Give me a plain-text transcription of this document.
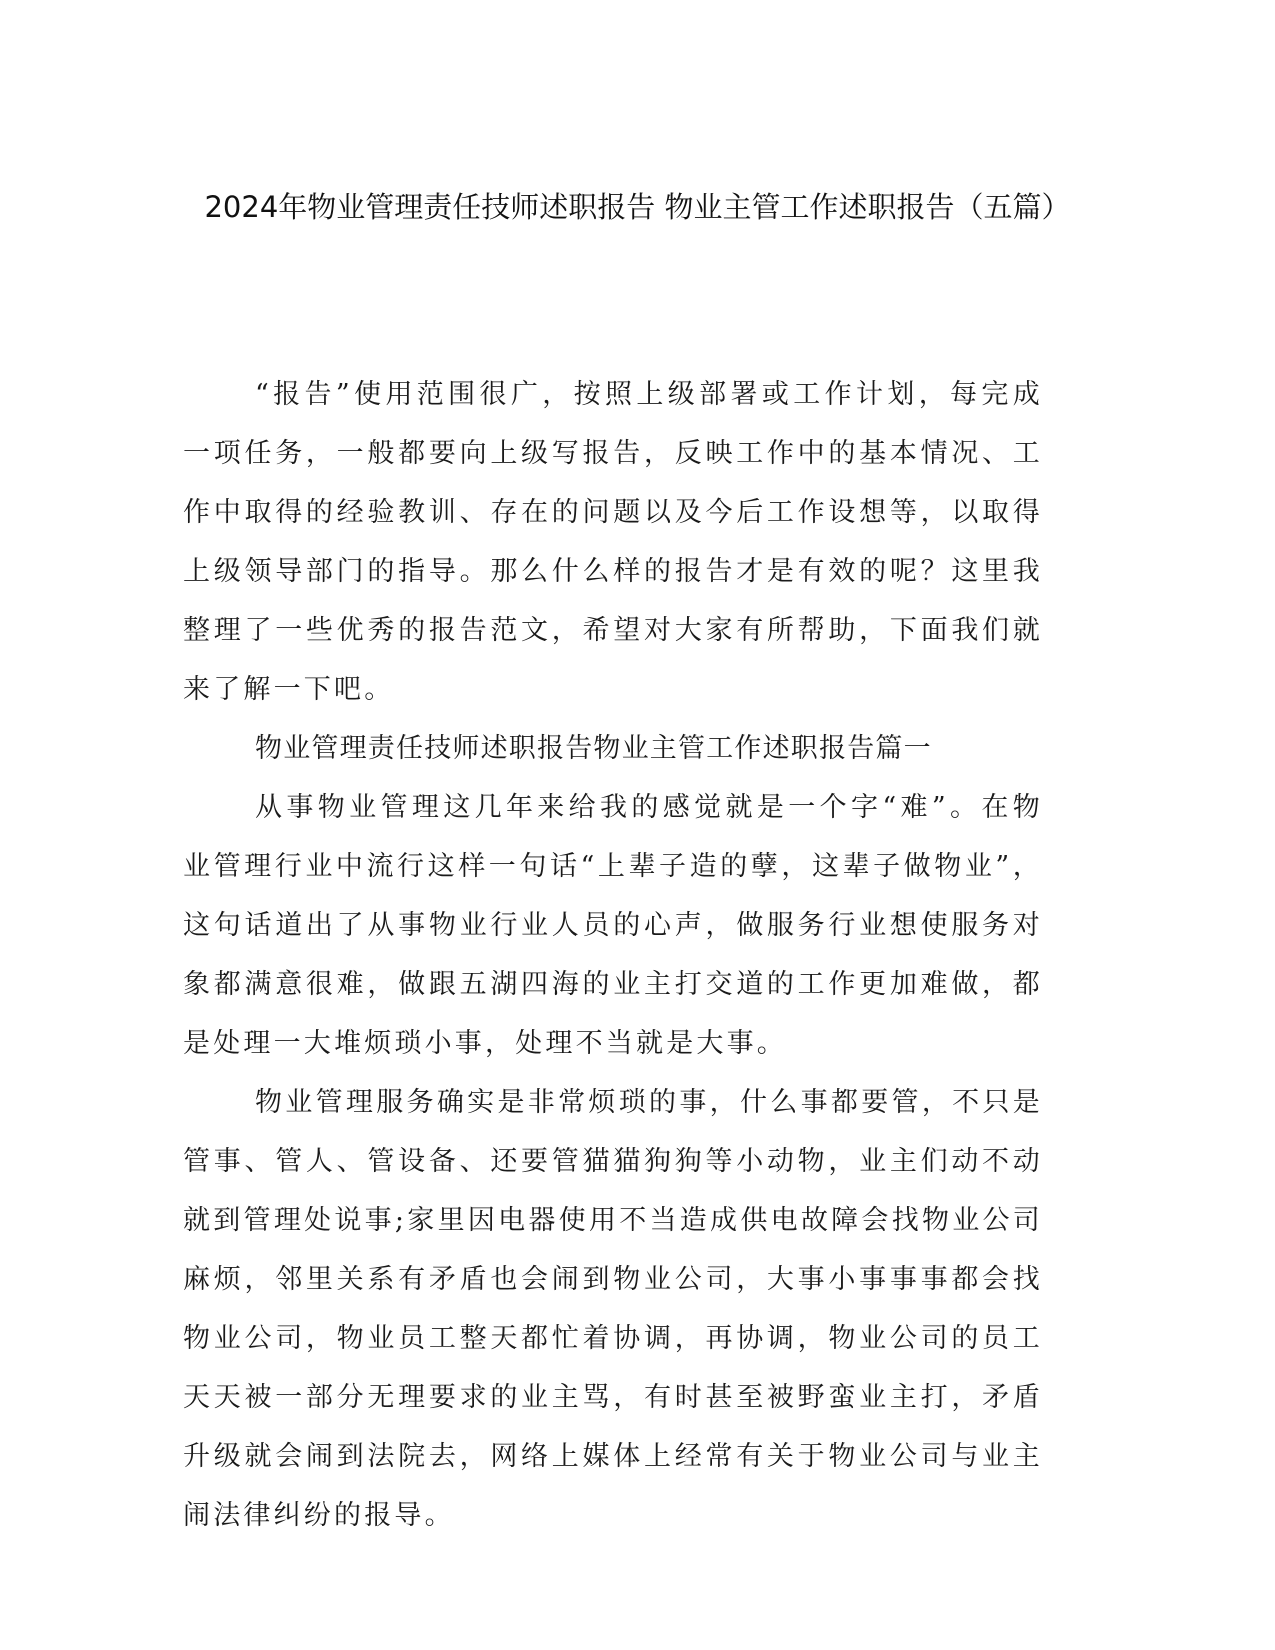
2024年物业管理责任技师述职报告 物业主管工作述职报告（五篇）

“报告”使用范围很广，按照上级部署或工作计划，每完成一项任务，一般都要向上级写报告，反映工作中的基本情况、工作中取得的经验教训、存在的问题以及今后工作设想等，以取得上级领导部门的指导。那么什么样的报告才是有效的呢？这里我整理了一些优秀的报告范文，希望对大家有所帮助，下面我们就来了解一下吧。

物业管理责任技师述职报告物业主管工作述职报告篇一

从事物业管理这几年来给我的感觉就是一个字“难”。在物业管理行业中流行这样一句话“上辈子造的孽，这辈子做物业”，这句话道出了从事物业行业人员的心声，做服务行业想使服务对象都满意很难，做跟五湖四海的业主打交道的工作更加难做，都是处理一大堆烦琐小事，处理不当就是大事。

物业管理服务确实是非常烦琐的事，什么事都要管，不只是管事、管人、管设备、还要管猫猫狗狗等小动物，业主们动不动就到管理处说事;家里因电器使用不当造成供电故障会找物业公司麻烦，邻里关系有矛盾也会闹到物业公司，大事小事事事都会找物业公司，物业员工整天都忙着协调，再协调，物业公司的员工天天被一部分无理要求的业主骂，有时甚至被野蛮业主打，矛盾升级就会闹到法院去，网络上媒体上经常有关于物业公司与业主闹法律纠纷的报导。
